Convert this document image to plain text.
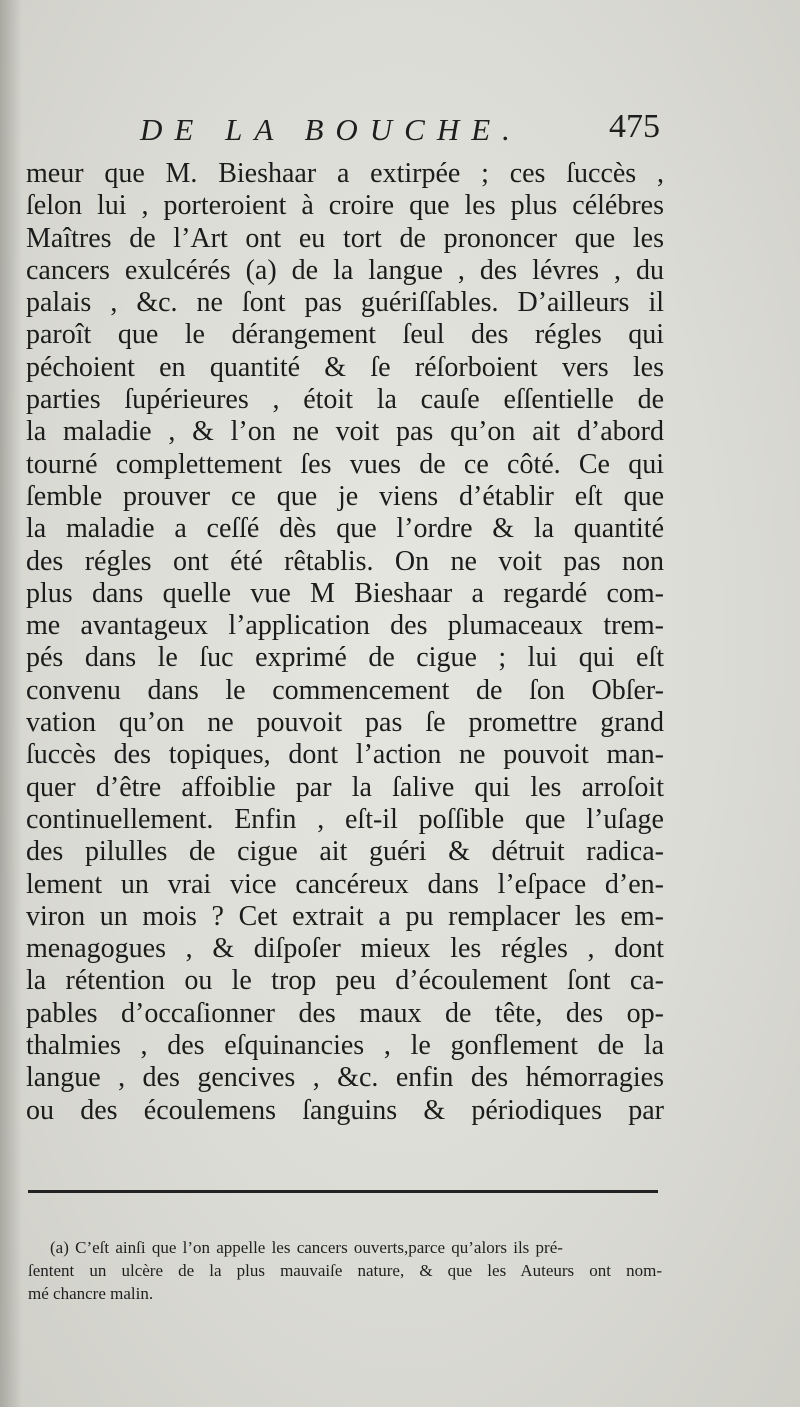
DE LA BOUCHE.	475
meur que M. Bieshaar a extirpée ; ces ſuccès ,
ſelon lui , porteroient à croire que les plus célébres
Maîtres de l’Art ont eu tort de prononcer que les
cancers exulcérés (a) de la langue , des lévres , du
palais , &c. ne ſont pas guériſſables. D’ailleurs il
paroît que le dérangement ſeul des régles qui
péchoient en quantité & ſe réſorboient vers les
parties ſupérieures , étoit la cauſe eſſentielle de
la maladie , & l’on ne voit pas qu’on ait d’abord
tourné complettement ſes vues de ce côté. Ce qui
ſemble prouver ce que je viens d’établir eſt que
la maladie a ceſſé dès que l’ordre & la quantité
des régles ont été rêtablis. On ne voit pas non
plus dans quelle vue M Bieshaar a regardé com-
me avantageux l’application des plumaceaux trem-
pés dans le ſuc exprimé de cigue ; lui qui eſt
convenu dans le commencement de ſon Obſer-
vation qu’on ne pouvoit pas ſe promettre grand
ſuccès des topiques, dont l’action ne pouvoit man-
quer d’être affoiblie par la ſalive qui les arroſoit
continuellement. Enfin , eſt-il poſſible que l’uſage
des pilulles de cigue ait guéri & détruit radica-
lement un vrai vice cancéreux dans l’eſpace d’en-
viron un mois ? Cet extrait a pu remplacer les em-
menagogues , & diſpoſer mieux les régles , dont
la rétention ou le trop peu d’écoulement ſont ca-
pables d’occaſionner des maux de tête, des op-
thalmies , des eſquinancies , le gonflement de la
langue , des gencives , &c. enfin des hémorragies
ou des écoulemens ſanguins & périodiques par
(a) C’eſt ainſi que l’on appelle les cancers ouverts,parce qu’alors ils pré-
ſentent un ulcère de la plus mauvaiſe nature, & que les Auteurs ont nom-
mé chancre malin.
